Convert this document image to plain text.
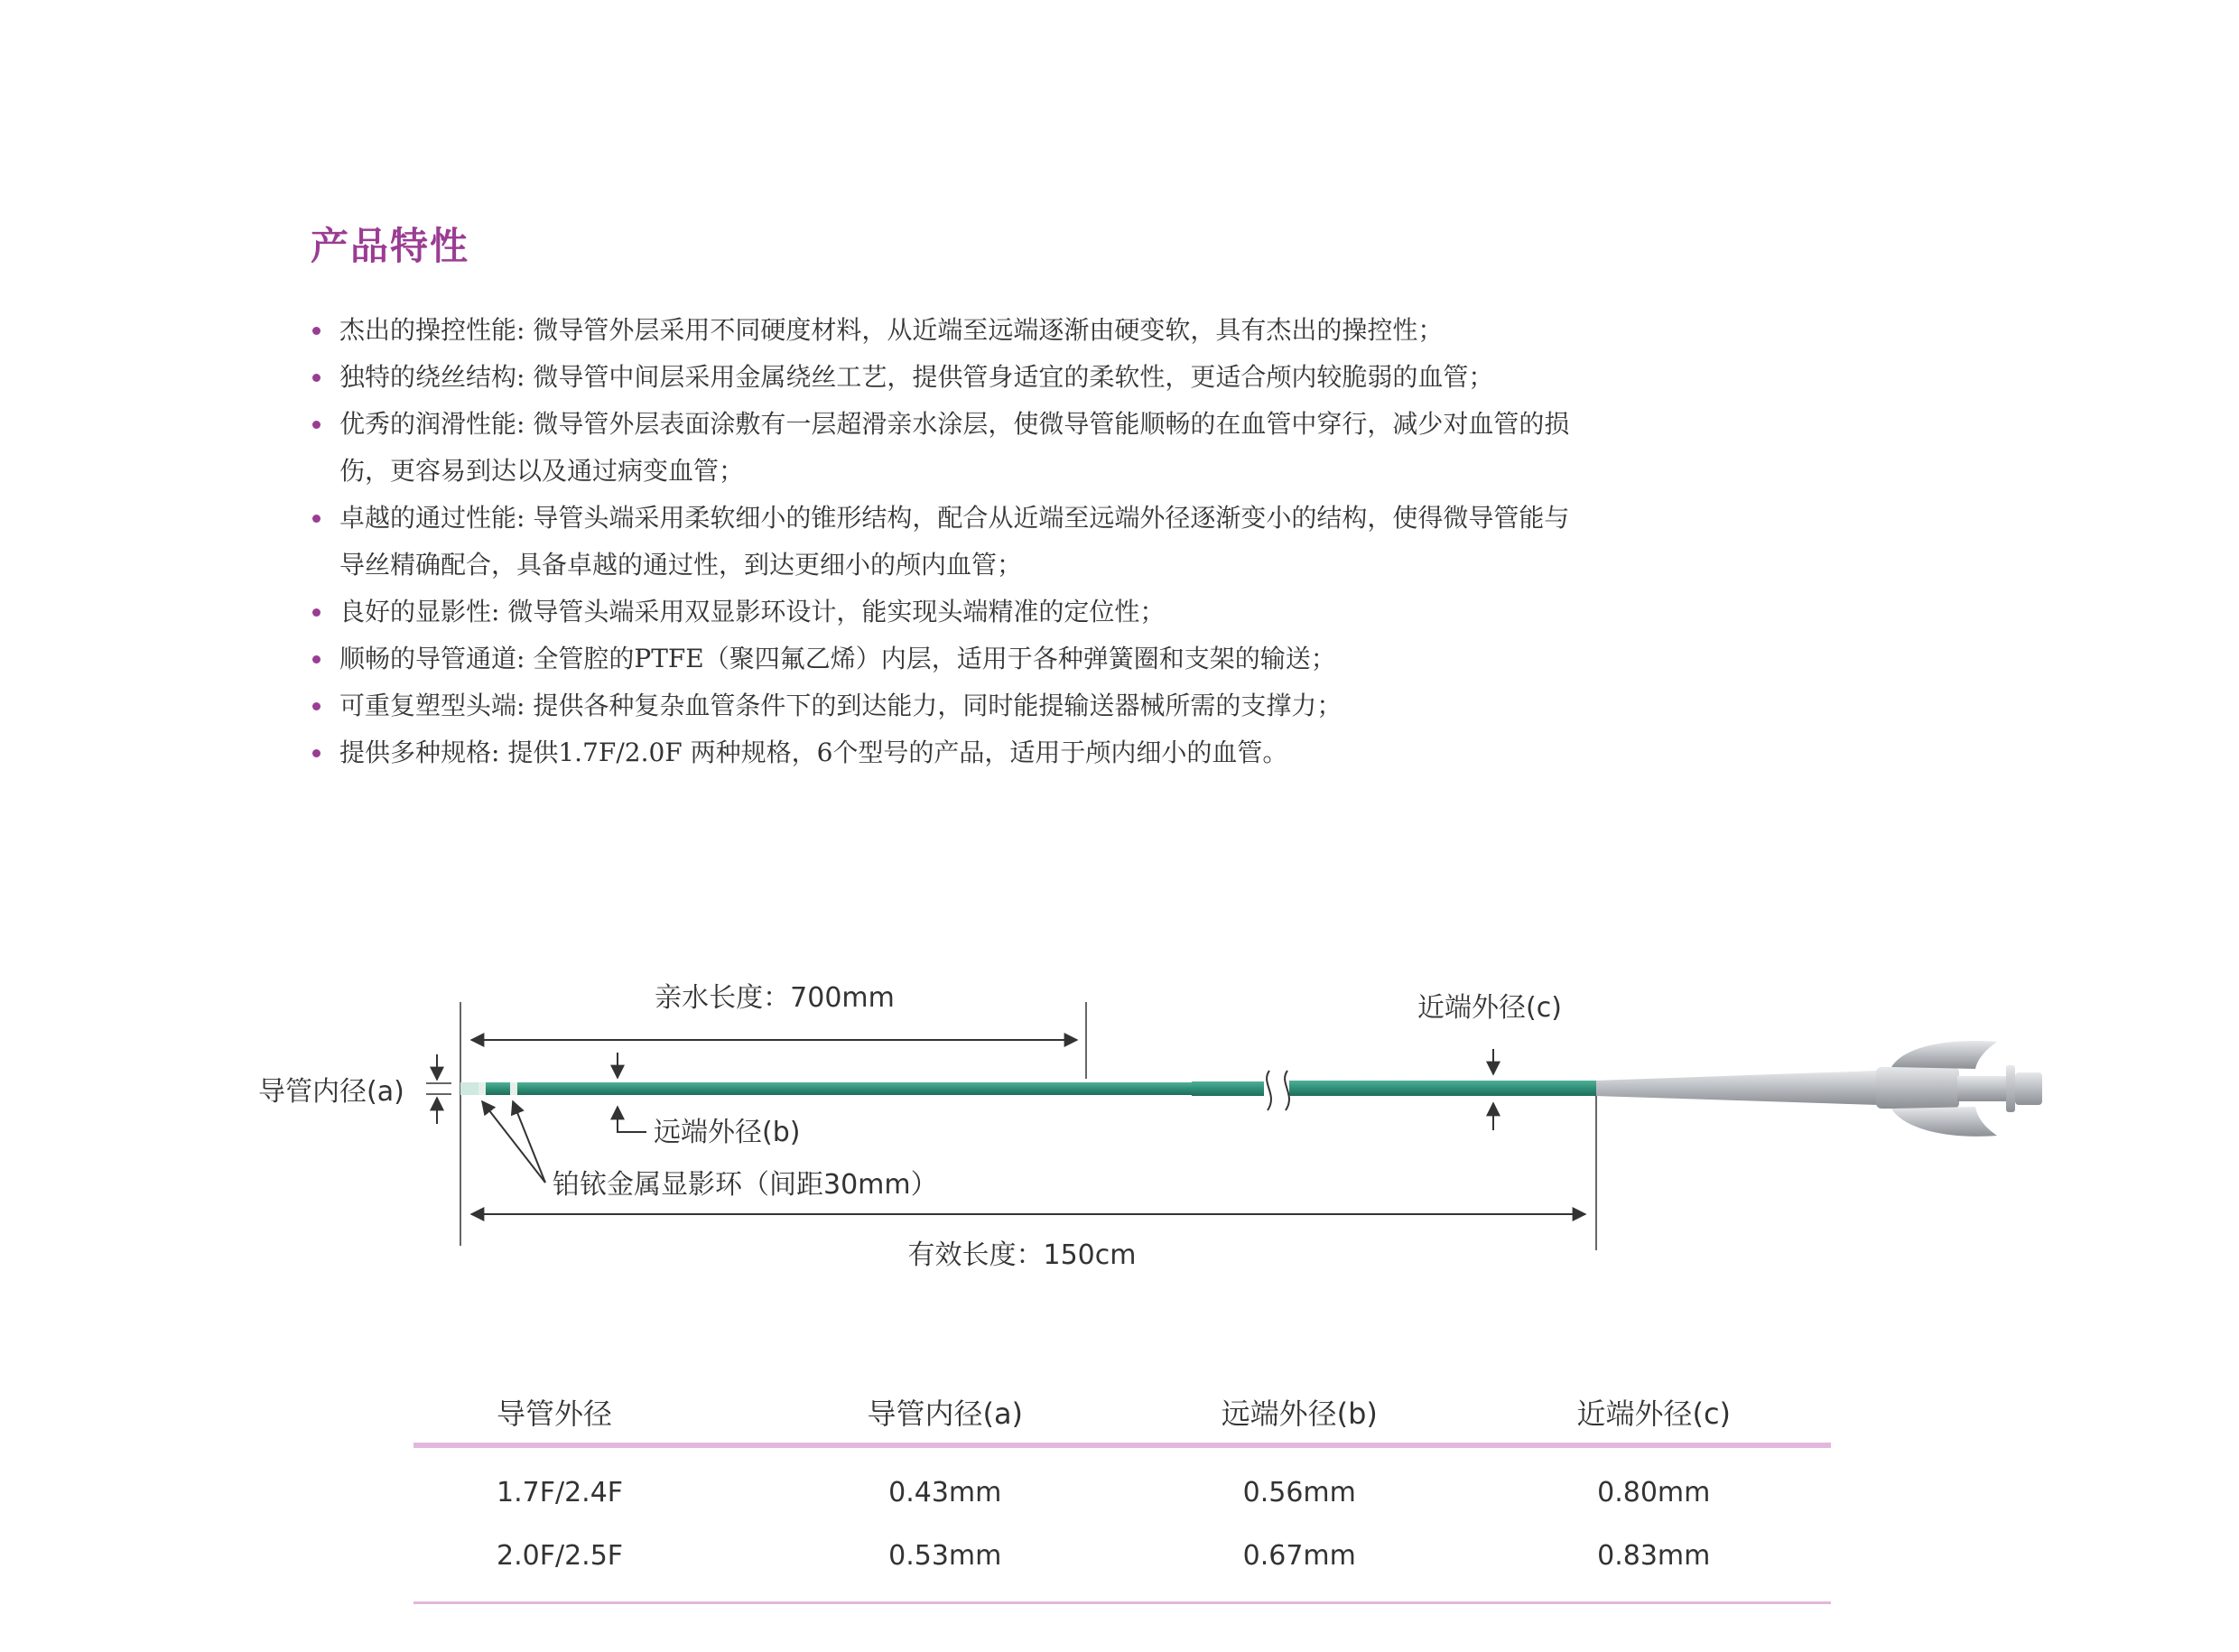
产品特性
杰出的操控性能 : 微导管外层采用不同硬度材料，从近端至远端逐渐由硬变软，具有杰出的操控性；
独特的绕丝结构 : 微导管中间层采用金属绕丝工艺，提供管身适宜的柔软性，更适合颅内较脆弱的血管；
优秀的润滑性能 : 微导管外层表面涂敷有一层超滑亲水涂层，使微导管能顺畅的在血管中穿行，减少对血管的损伤，更容易到达以及通过病变血管；
卓越的通过性能 : 导管头端采用柔软细小的锥形结构，配合从近端至远端外径逐渐变小的结构，使得微导管能与导丝精确配合，具备卓越的通过性，到达更细小的颅内血管；
良好的显影性 : 微导管头端采用双显影环设计，能实现头端精准的定位性；
顺畅的导管通道 : 全管腔的PTFE（聚四氟乙烯）内层，适用于各种弹簧圈和支架的输送；
可重复塑型头端 : 提供各种复杂血管条件下的到达能力，同时能提输送器械所需的支撑力；
提供多种规格 : 提供1.7F/2.0F 两种规格，6个型号的产品，适用于颅内细小的血管。
亲水长度：700mm	近端外径(c)
导管内径(a)
远端外径(b)
铂铱金属显影环（间距30mm）
有效长度：150cm
导管外径	导管内径(a)	远端外径(b)	近端外径(c)
1.7F/2.4F	0.43mm	0.56mm	0.80mm
2.0F/2.5F	0.53mm	0.67mm	0.83mm
